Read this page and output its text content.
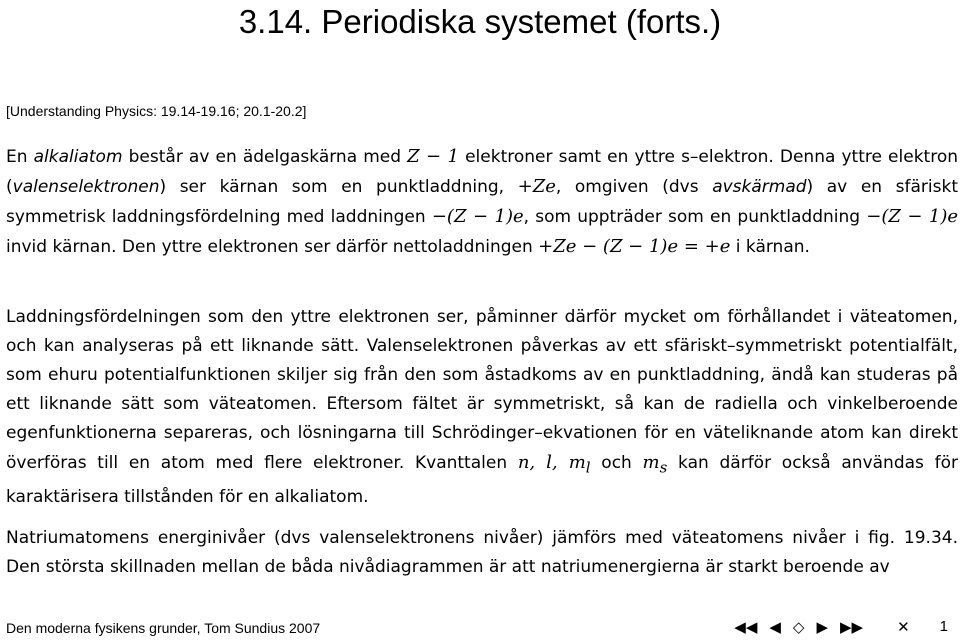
3.14. Periodiska systemet (forts.)
[Understanding Physics: 19.14-19.16; 20.1-20.2]

En alkaliatom består av en ädelgaskärna med Z − 1 elektroner samt en yttre s–elektron. Denna yttre elektron (valenselektronen) ser kärnan som en punktladdning, +Ze, omgiven (dvs avskärmad) av en sfäriskt symmetrisk laddningsfördelning med laddningen −(Z − 1)e, som uppträder som en punktladdning −(Z − 1)e invid kärnan. Den yttre elektronen ser därför nettoladdningen +Ze − (Z − 1)e = +e i kärnan.

Laddningsfördelningen som den yttre elektronen ser, påminner därför mycket om förhållandet i väteatomen, och kan analyseras på ett liknande sätt. Valenselektronen påverkas av ett sfäriskt–symmetriskt potentialfält, som ehuru potentialfunktionen skiljer sig från den som åstadkoms av en punktladdning, ändå kan studeras på ett liknande sätt som väteatomen. Eftersom fältet är symmetriskt, så kan de radiella och vinkelberoende egenfunktionerna separeras, och lösningarna till Schrödinger–ekvationen för en väteliknande atom kan direkt överföras till en atom med flere elektroner. Kvanttalen n, l, $m_l$ och $m_s$ kan därför också användas för karaktärisera tillstånden för en alkaliatom.

Natriumatomens energinivåer (dvs valenselektronens nivåer) jämförs med väteatomens nivåer i fig. 19.34. Den största skillnaden mellan de båda nivådiagrammen är att natriumenergierna är starkt beroende av

Den moderna fysikens grunder, Tom Sundius 2007	◀◀ ◀ ◇ ▶ ▶▶ ✕ 1
